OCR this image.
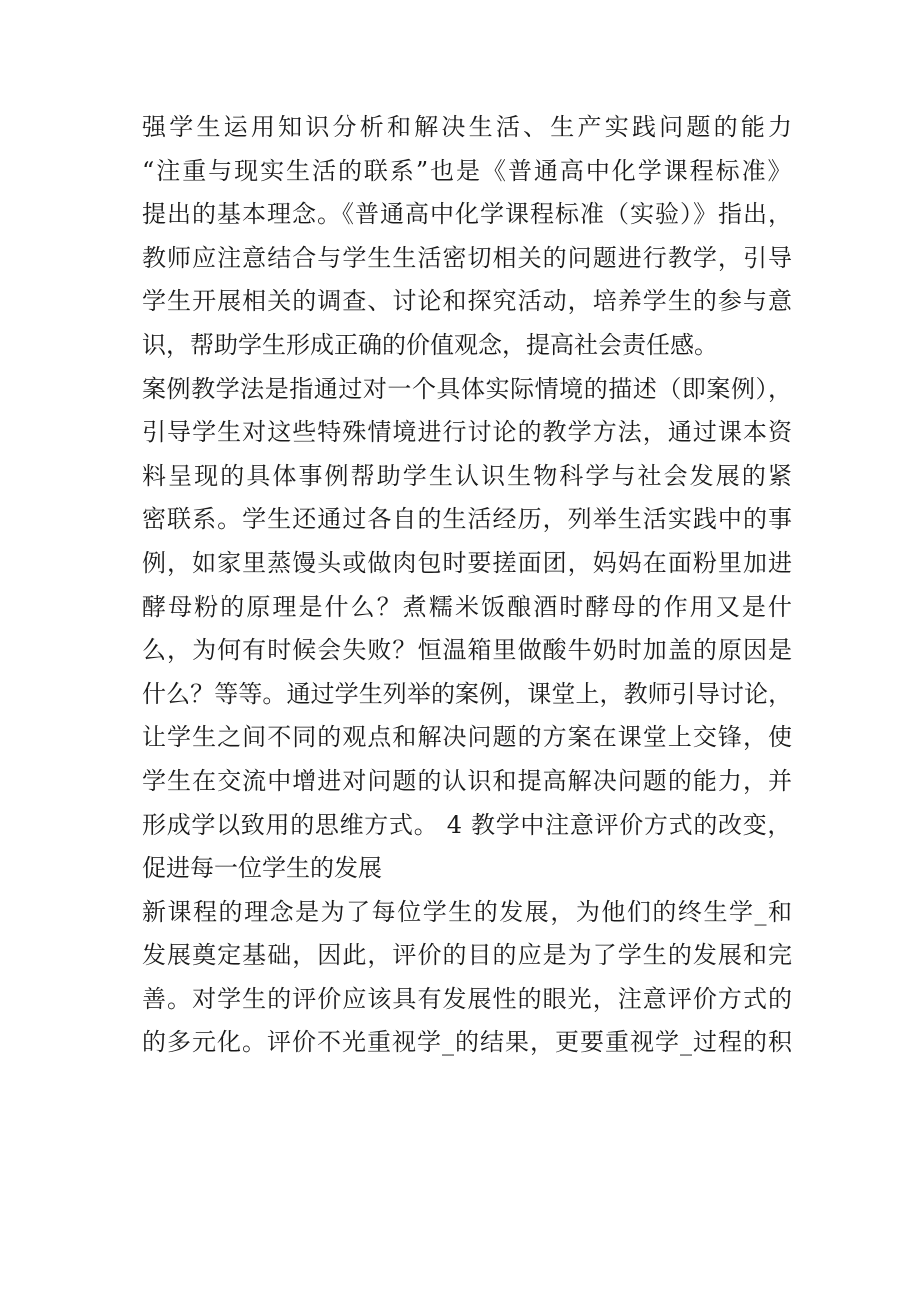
强学生运用知识分析和解决生活、生产实践问题的能力
“注重与现实生活的联系”也是《普通高中化学课程标准》
提出的基本理念。《普通高中化学课程标准（实验）》指出，
教师应注意结合与学生生活密切相关的问题进行教学，引导
学生开展相关的调查、讨论和探究活动，培养学生的参与意
识，帮助学生形成正确的价值观念，提高社会责任感。
案例教学法是指通过对一个具体实际情境的描述（即案例），
引导学生对这些特殊情境进行讨论的教学方法，通过课本资
料呈现的具体事例帮助学生认识生物科学与社会发展的紧
密联系。学生还通过各自的生活经历，列举生活实践中的事
例，如家里蒸馒头或做肉包时要搓面团，妈妈在面粉里加进
酵母粉的原理是什么？煮糯米饭酿酒时酵母的作用又是什
么，为何有时候会失败？恒温箱里做酸牛奶时加盖的原因是
什么？等等。通过学生列举的案例，课堂上，教师引导讨论，
让学生之间不同的观点和解决问题的方案在课堂上交锋，使
学生在交流中增进对问题的认识和提高解决问题的能力，并
形成学以致用的思维方式。 4 教学中注意评价方式的改变，
促进每一位学生的发展
新课程的理念是为了每位学生的发展，为他们的终生学_和
发展奠定基础，因此，评价的目的应是为了学生的发展和完
善。对学生的评价应该具有发展性的眼光，注意评价方式的
的多元化。评价不光重视学_的结果，更要重视学_过程的积
